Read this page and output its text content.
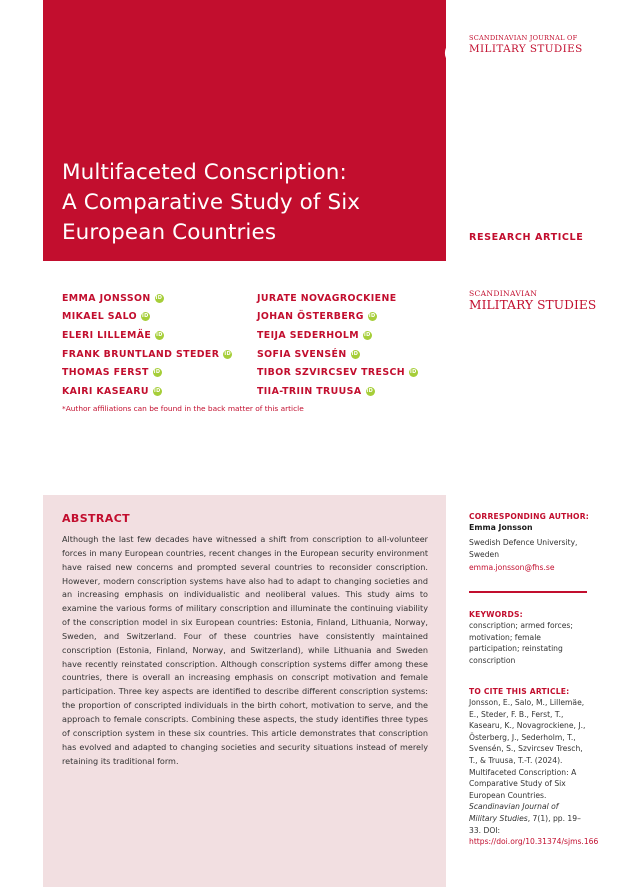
Multifaceted Conscription:
A Comparative Study of Six
European Countries
SCANDINAVIAN JOURNAL OF
MILITARY STUDIES
RESEARCH ARTICLE
SCANDINAVIAN
MILITARY STUDIES
EMMA JONSSON
iD
MIKAEL SALO
iD
ELERI LILLEMÄE
iD
FRANK BRUNTLAND STEDER
iD
THOMAS FERST
iD
KAIRI KASEARU
iD
JURATE NOVAGROCKIENE
JOHAN ÖSTERBERG
iD
TEIJA SEDERHOLM
iD
SOFIA SVENSÉN
iD
TIBOR SZVIRCSEV TRESCH
iD
TIIA-TRIIN TRUUSA
iD
*Author affiliations can be found in the back matter of this article
ABSTRACT

Although the last few decades have witnessed a shift from conscription to all-volunteer forces in many European countries, recent changes in the European security environment have raised new concerns and prompted several countries to reconsider conscription. However, modern conscription systems have also had to adapt to changing societies and an increasing emphasis on individualistic and neoliberal values. This study aims to examine the various forms of military conscription and illuminate the continuing viability of the conscription model in six European countries: Estonia, Finland, Lithuania, Norway, Sweden, and Switzerland. Four of these countries have consistently maintained conscription (Estonia, Finland, Norway, and Switzerland), while Lithuania and Sweden have recently reinstated conscription. Although conscription systems differ among these countries, there is overall an increasing emphasis on conscript motivation and female participation. Three key aspects are identified to describe different conscription systems: the proportion of conscripted individuals in the birth cohort, motivation to serve, and the approach to female conscripts. Combining these aspects, the study identifies three types of conscription system in these six countries. This article demonstrates that conscription has evolved and adapted to changing societies and security situations instead of merely retaining its traditional form.

CORRESPONDING AUTHOR:
Emma Jonsson
Swedish Defence University, Sweden
emma.jonsson@fhs.se
KEYWORDS:
conscription; armed forces; motivation; female participation; reinstating conscription
TO CITE THIS ARTICLE:

Jonsson, E., Salo, M., Lillemäe, E., Steder, F. B., Ferst, T., Kasearu, K., Novagrockiene, J., Österberg, J., Sederholm, T., Svensén, S., Szvircsev Tresch, T., & Truusa, T.-T. (2024). Multifaceted Conscription: A Comparative Study of Six European Countries. Scandinavian Journal of Military Studies, 7(1), pp. 19–33. DOI: https://doi.org/10.31374/sjms.166
